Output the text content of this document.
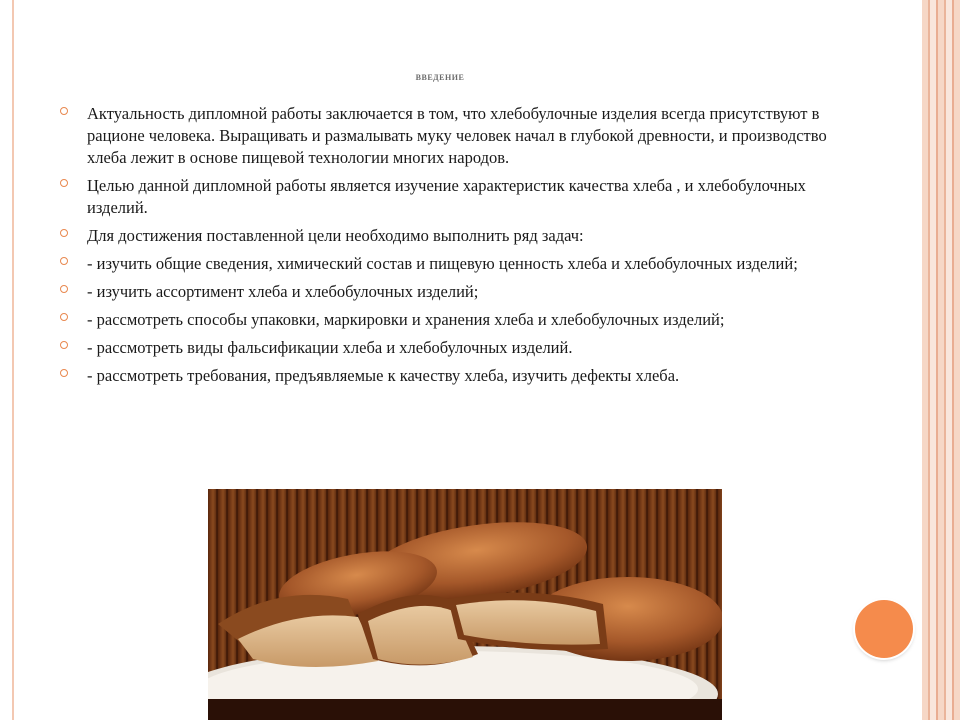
ВВЕДЕНИЕ
Актуальность дипломной работы заключается в том, что хлебобулочные изделия всегда присутствуют в рационе человека. Выращивать и размалывать муку человек начал в глубокой древности, и производство хлеба лежит в основе пищевой технологии многих народов.
Целью данной дипломной работы является изучение характеристик качества хлеба , и хлебобулочных изделий.
Для достижения поставленной цели необходимо выполнить ряд задач:
- изучить общие сведения, химический состав и пищевую ценность хлеба и хлебобулочных изделий;
- изучить ассортимент хлеба и хлебобулочных изделий;
- рассмотреть способы упаковки, маркировки и хранения хлеба и хлебобулочных изделий;
- рассмотреть виды фальсификации хлеба и хлебобулочных изделий.
- рассмотреть требования, предъявляемые к качеству хлеба, изучить дефекты хлеба.
